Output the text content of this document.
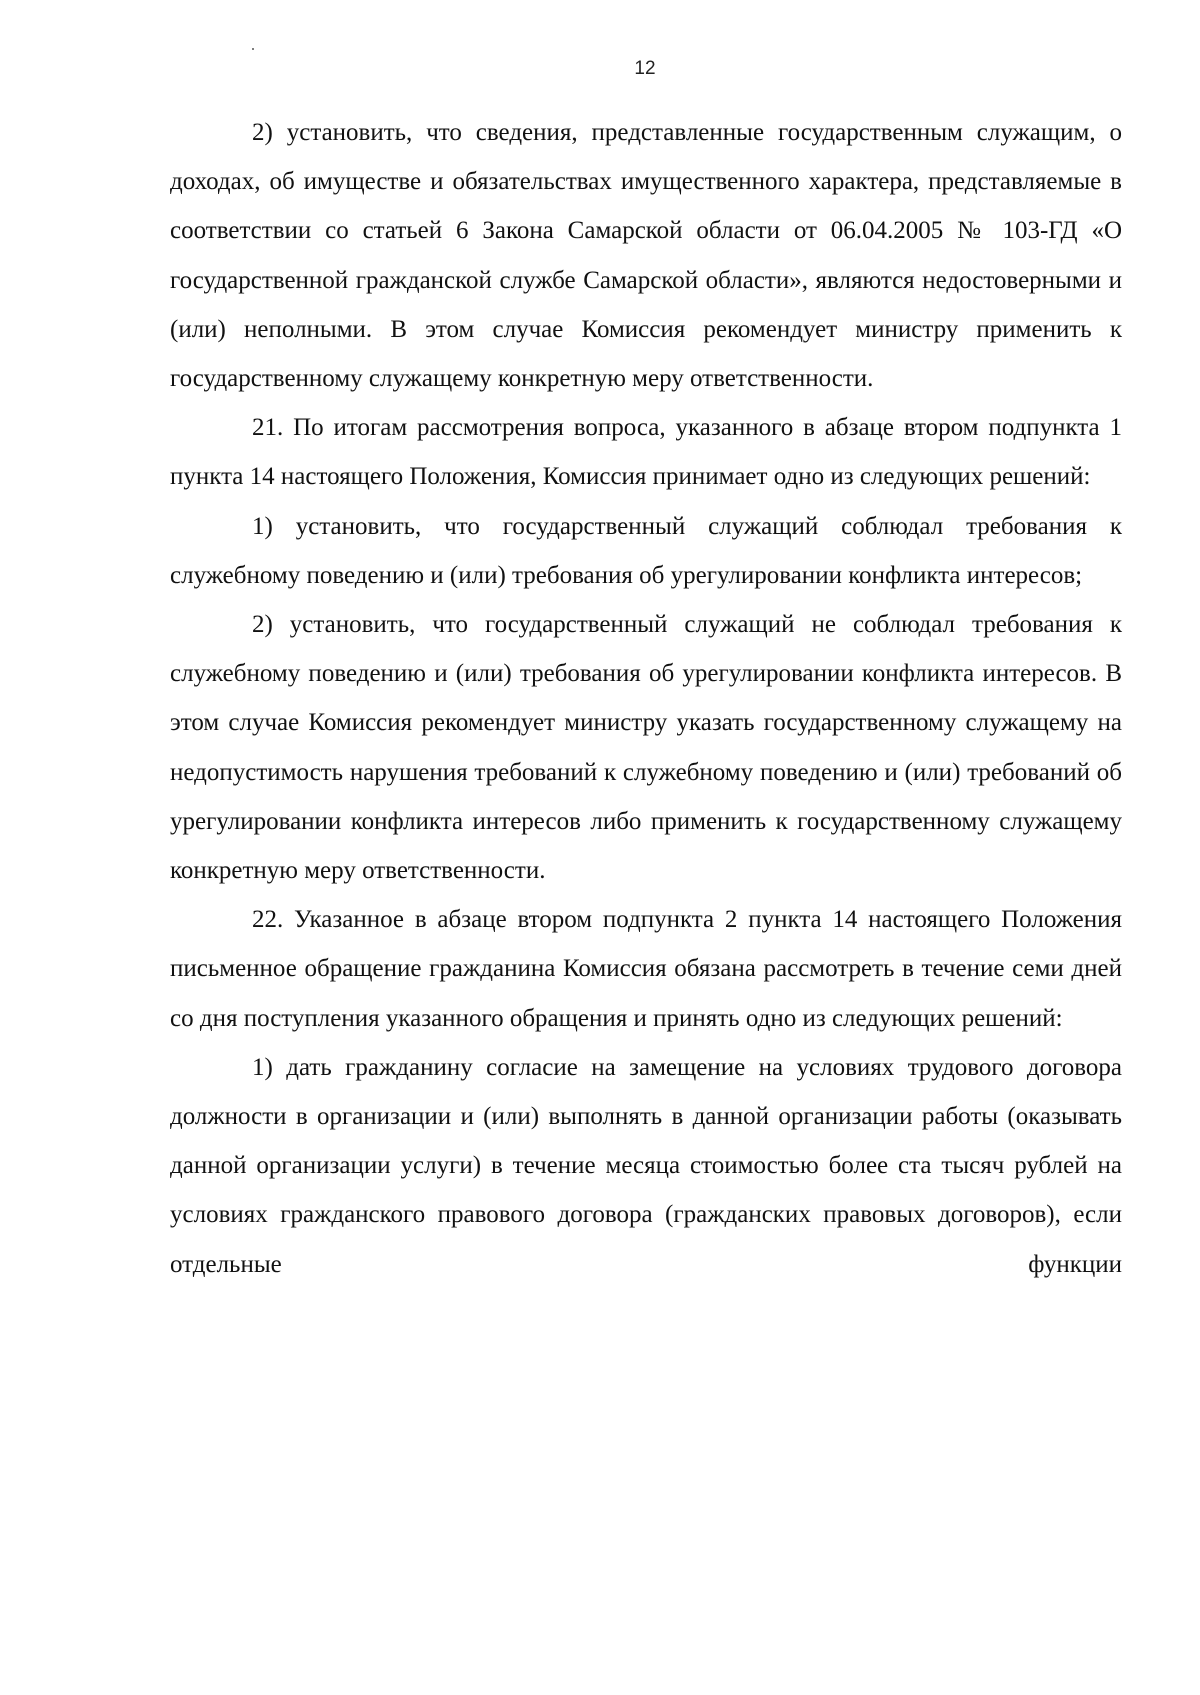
12

2) установить, что сведения, представленные государственным служащим, о доходах, об имуществе и обязательствах имущественного характера, представляемые в соответствии со статьей 6 Закона Самарской области от 06.04.2005 № 103-ГД «О государственной гражданской службе Самарской области», являются недостоверными и (или) неполными. В этом случае Комиссия рекомендует министру применить к государственному служащему конкретную меру ответственности.

21. По итогам рассмотрения вопроса, указанного в абзаце втором подпункта 1 пункта 14 настоящего Положения, Комиссия принимает одно из следующих решений:

1) установить, что государственный служащий соблюдал требования к служебному поведению и (или) требования об урегулировании конфликта интересов;

2) установить, что государственный служащий не соблюдал требования к служебному поведению и (или) требования об урегулировании конфликта интересов. В этом случае Комиссия рекомендует министру указать государственному служащему на недопустимость нарушения требований к служебному поведению и (или) требований об урегулировании конфликта интересов либо применить к государственному служащему конкретную меру ответственности.

22. Указанное в абзаце втором подпункта 2 пункта 14 настоящего Положения письменное обращение гражданина Комиссия обязана рассмотреть в течение семи дней со дня поступления указанного обращения и принять одно из следующих решений:

1) дать гражданину согласие на замещение на условиях трудового договора должности в организации и (или) выполнять в данной организации работы (оказывать данной организации услуги) в течение месяца стоимостью более ста тысяч рублей на условиях гражданского правового договора (гражданских правовых договоров), если отдельные функции
